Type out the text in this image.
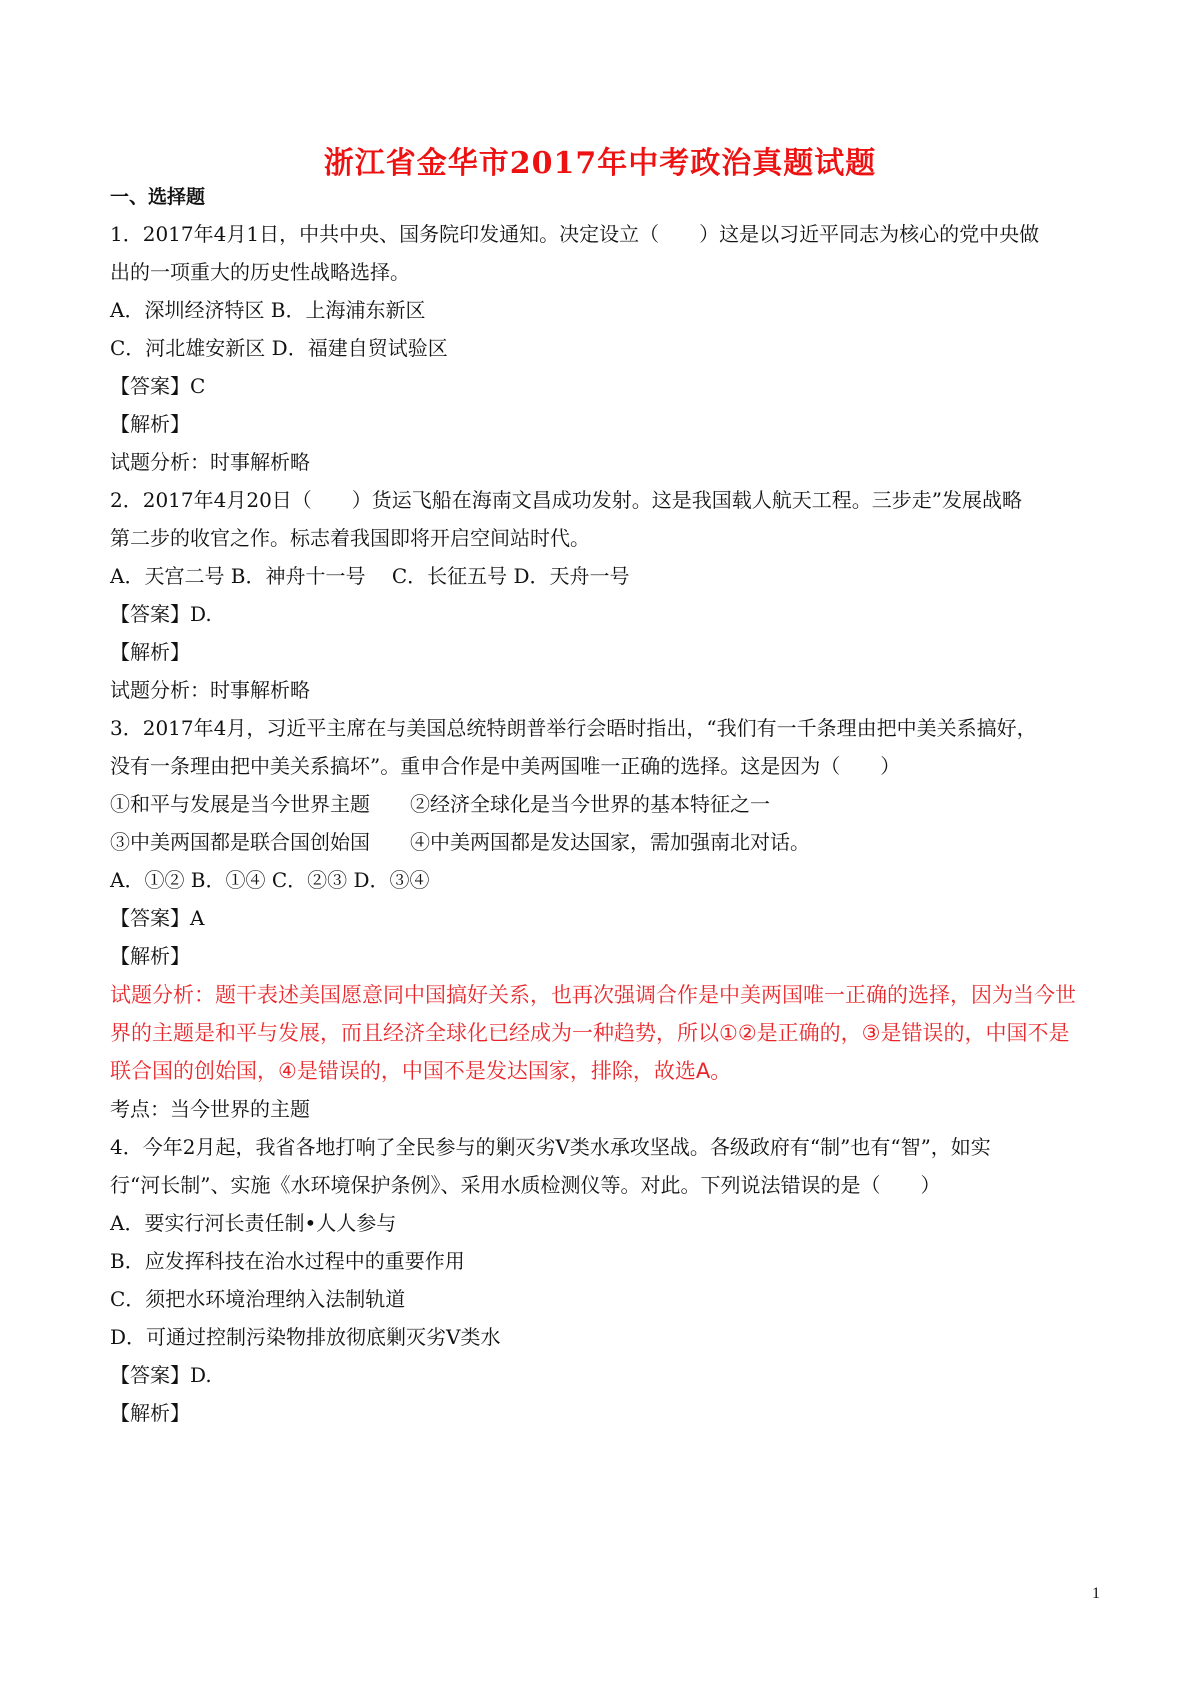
浙江省金华市2017年中考政治真题试题
一、选择题
1．2017年4月1日，中共中央、国务院印发通知。决定设立（　　）这是以习近平同志为核心的党中央做
出的一项重大的历史性战略选择。
A．深圳经济特区 B．上海浦东新区
C．河北雄安新区 D．福建自贸试验区
【答案】C
【解析】
试题分析：时事解析略
2．2017年4月20日（　　）货运飞船在海南文昌成功发射。这是我国载人航天工程。三步走”发展战略
第二步的收官之作。标志着我国即将开启空间站时代。
A．天宫二号 B．神舟十一号　 C．长征五号 D．天舟一号
【答案】D.
【解析】
试题分析：时事解析略
3．2017年4月，习近平主席在与美国总统特朗普举行会晤时指出，“我们有一千条理由把中美关系搞好，
没有一条理由把中美关系搞坏”。重申合作是中美两国唯一正确的选择。这是因为（　　）
①和平与发展是当今世界主题　　②经济全球化是当今世界的基本特征之一
③中美两国都是联合国创始国　　④中美两国都是发达国家，需加强南北对话。
A．①② B．①④ C．②③ D．③④
【答案】A
【解析】
试题分析：题干表述美国愿意同中国搞好关系，也再次强调合作是中美两国唯一正确的选择，因为当今世
界的主题是和平与发展，而且经济全球化已经成为一种趋势，所以①②是正确的，③是错误的，中国不是
联合国的创始国，④是错误的，中国不是发达国家，排除，故选A。
考点：当今世界的主题
4．今年2月起，我省各地打响了全民参与的剿灭劣Ⅴ类水承攻坚战。各级政府有“制”也有“智”，如实
行“河长制”、实施《水环境保护条例》、采用水质检测仪等。对此。下列说法错误的是（　　）
A．要实行河长责任制•人人参与
B．应发挥科技在治水过程中的重要作用
C．须把水环境治理纳入法制轨道
D．可通过控制污染物排放彻底剿灭劣Ⅴ类水
【答案】D.
【解析】
1
